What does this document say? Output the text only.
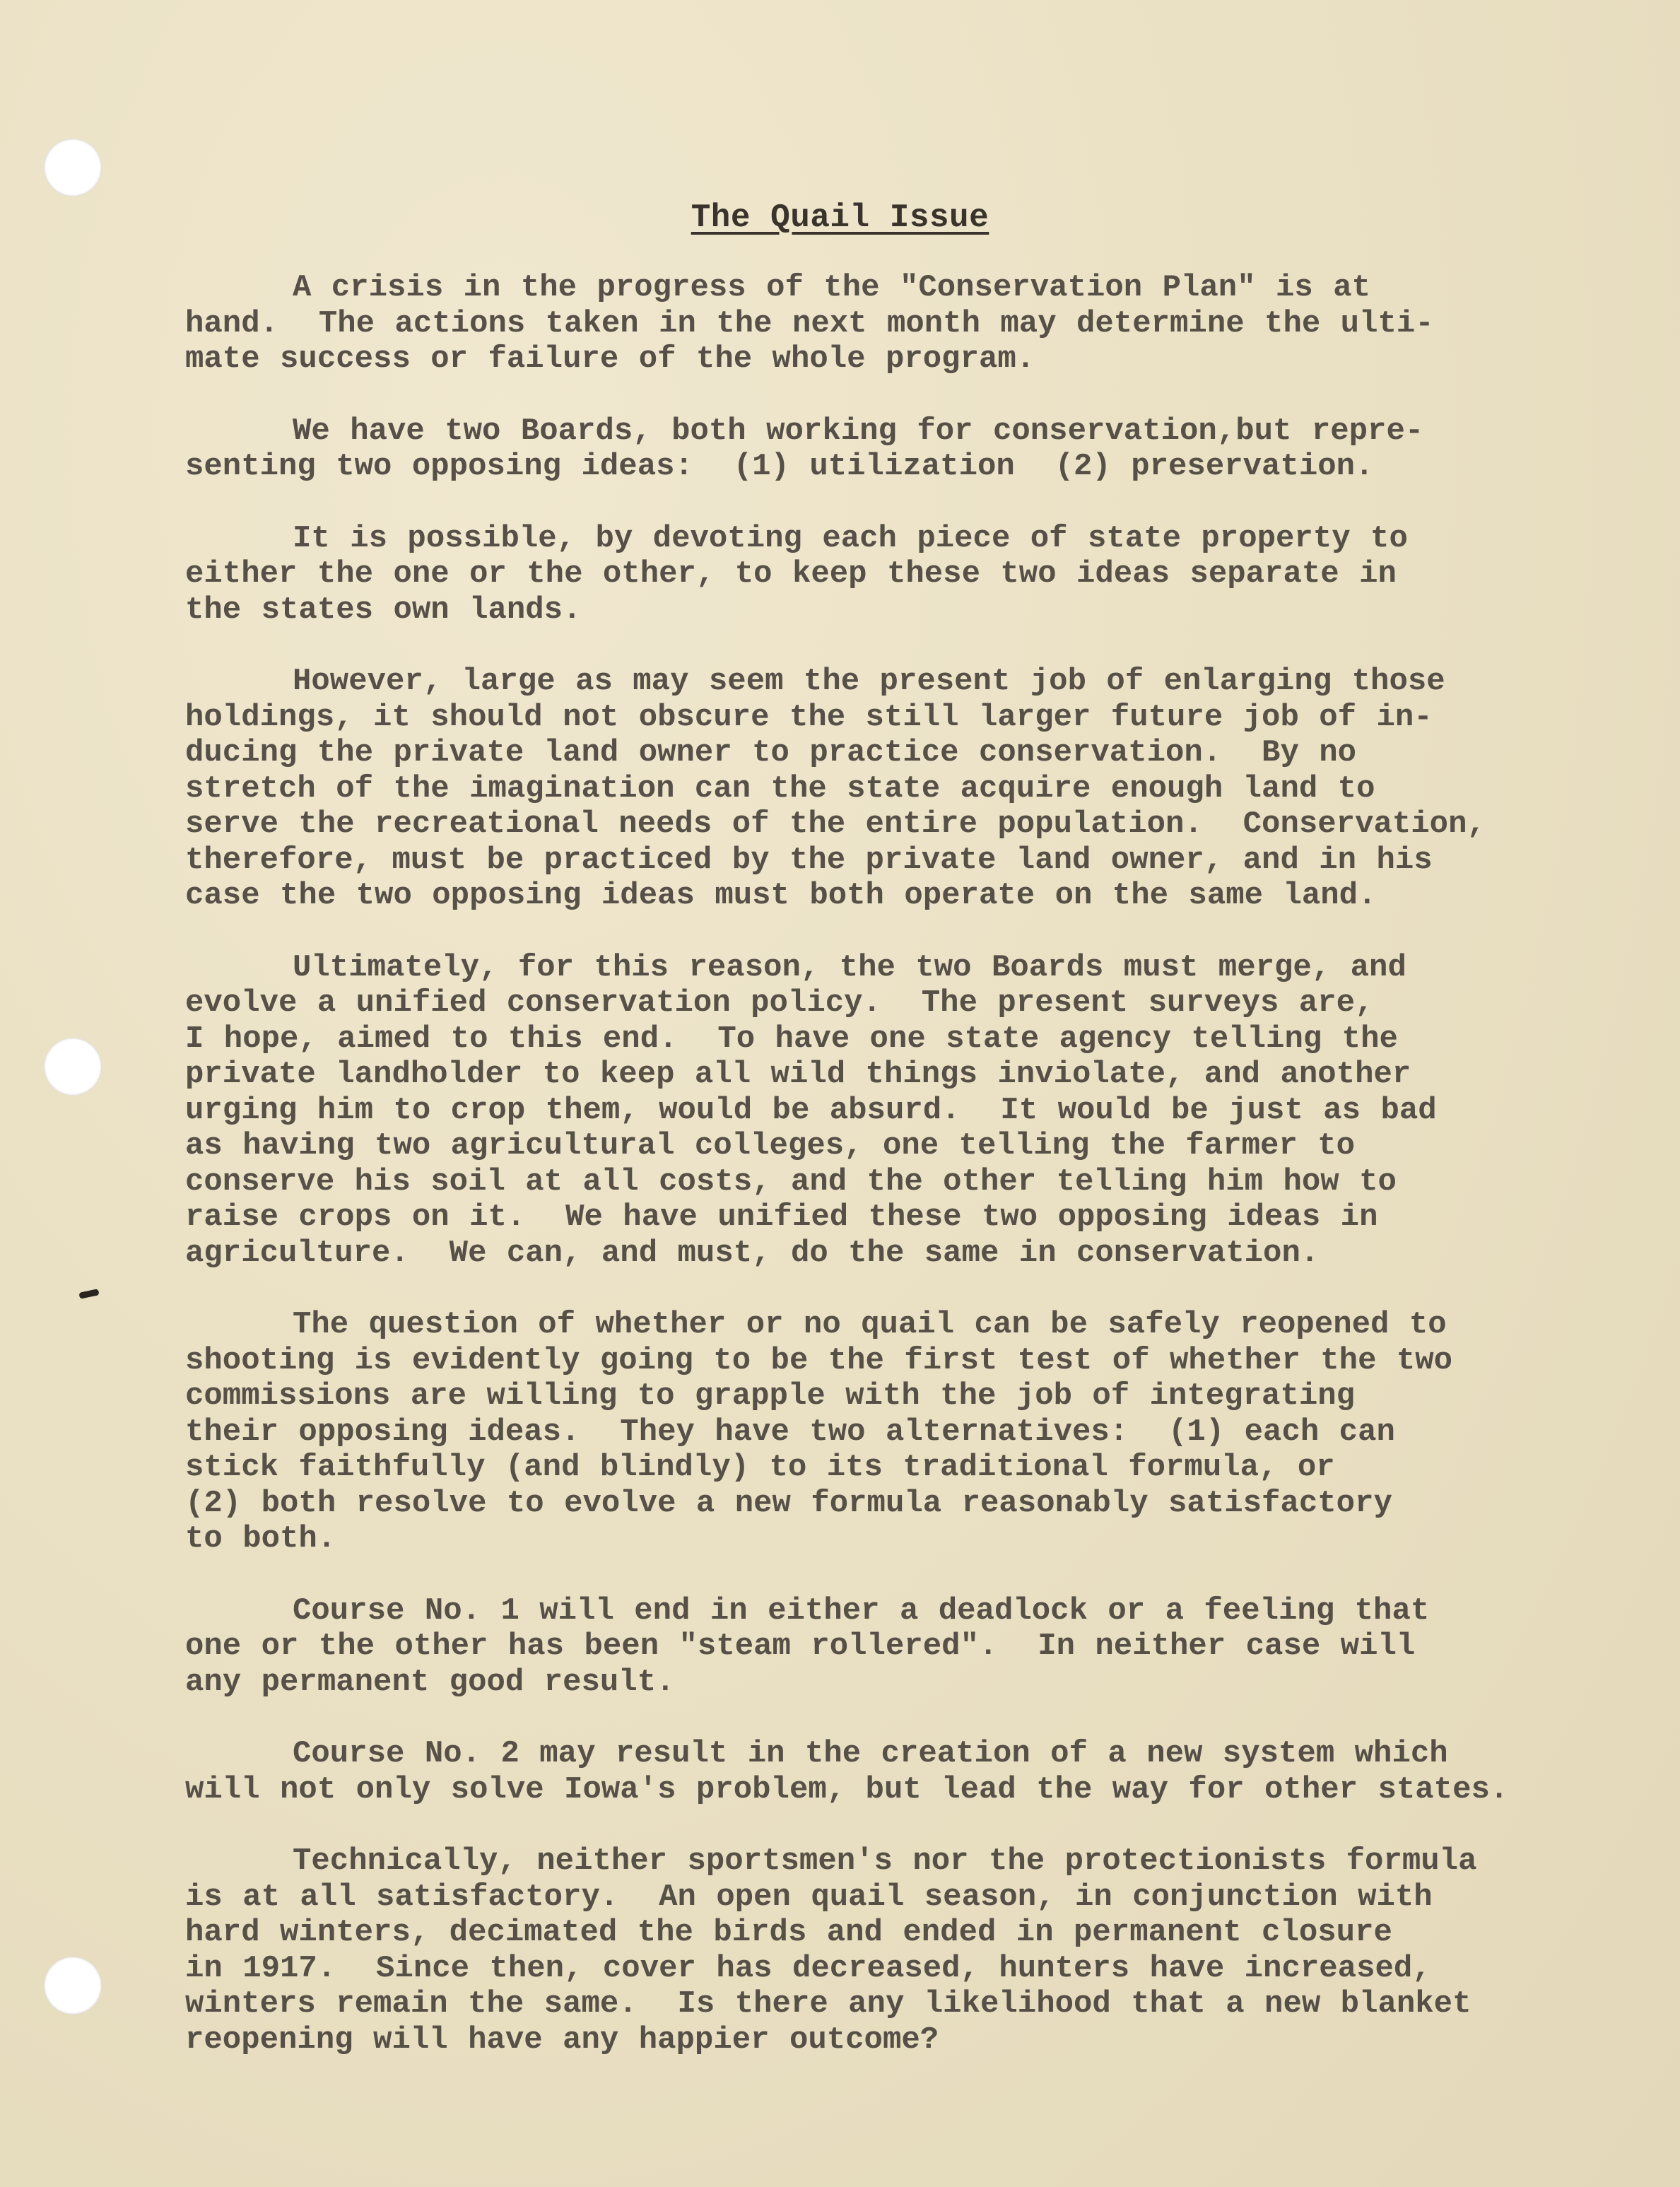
The Quail Issue

A crisis in the progress of the "Conservation Plan" is at
hand.  The actions taken in the next month may determine the ulti-
mate success or failure of the whole program.

We have two Boards, both working for conservation,but repre-
senting two opposing ideas:  (1) utilization  (2) preservation.

It is possible, by devoting each piece of state property to
either the one or the other, to keep these two ideas separate in
the states own lands.

However, large as may seem the present job of enlarging those
holdings, it should not obscure the still larger future job of in-
ducing the private land owner to practice conservation.  By no
stretch of the imagination can the state acquire enough land to
serve the recreational needs of the entire population.  Conservation,
therefore, must be practiced by the private land owner, and in his
case the two opposing ideas must both operate on the same land.

Ultimately, for this reason, the two Boards must merge, and
evolve a unified conservation policy.  The present surveys are,
I hope, aimed to this end.  To have one state agency telling the
private landholder to keep all wild things inviolate, and another
urging him to crop them, would be absurd.  It would be just as bad
as having two agricultural colleges, one telling the farmer to
conserve his soil at all costs, and the other telling him how to
raise crops on it.  We have unified these two opposing ideas in
agriculture.  We can, and must, do the same in conservation.

The question of whether or no quail can be safely reopened to
shooting is evidently going to be the first test of whether the two
commissions are willing to grapple with the job of integrating
their opposing ideas.  They have two alternatives:  (1) each can
stick faithfully (and blindly) to its traditional formula, or
(2) both resolve to evolve a new formula reasonably satisfactory
to both.

Course No. 1 will end in either a deadlock or a feeling that
one or the other has been "steam rollered".  In neither case will
any permanent good result.

Course No. 2 may result in the creation of a new system which
will not only solve Iowa's problem, but lead the way for other states.

Technically, neither sportsmen's nor the protectionists formula
is at all satisfactory.  An open quail season, in conjunction with
hard winters, decimated the birds and ended in permanent closure
in 1917.  Since then, cover has decreased, hunters have increased,
winters remain the same.  Is there any likelihood that a new blanket
reopening will have any happier outcome?
